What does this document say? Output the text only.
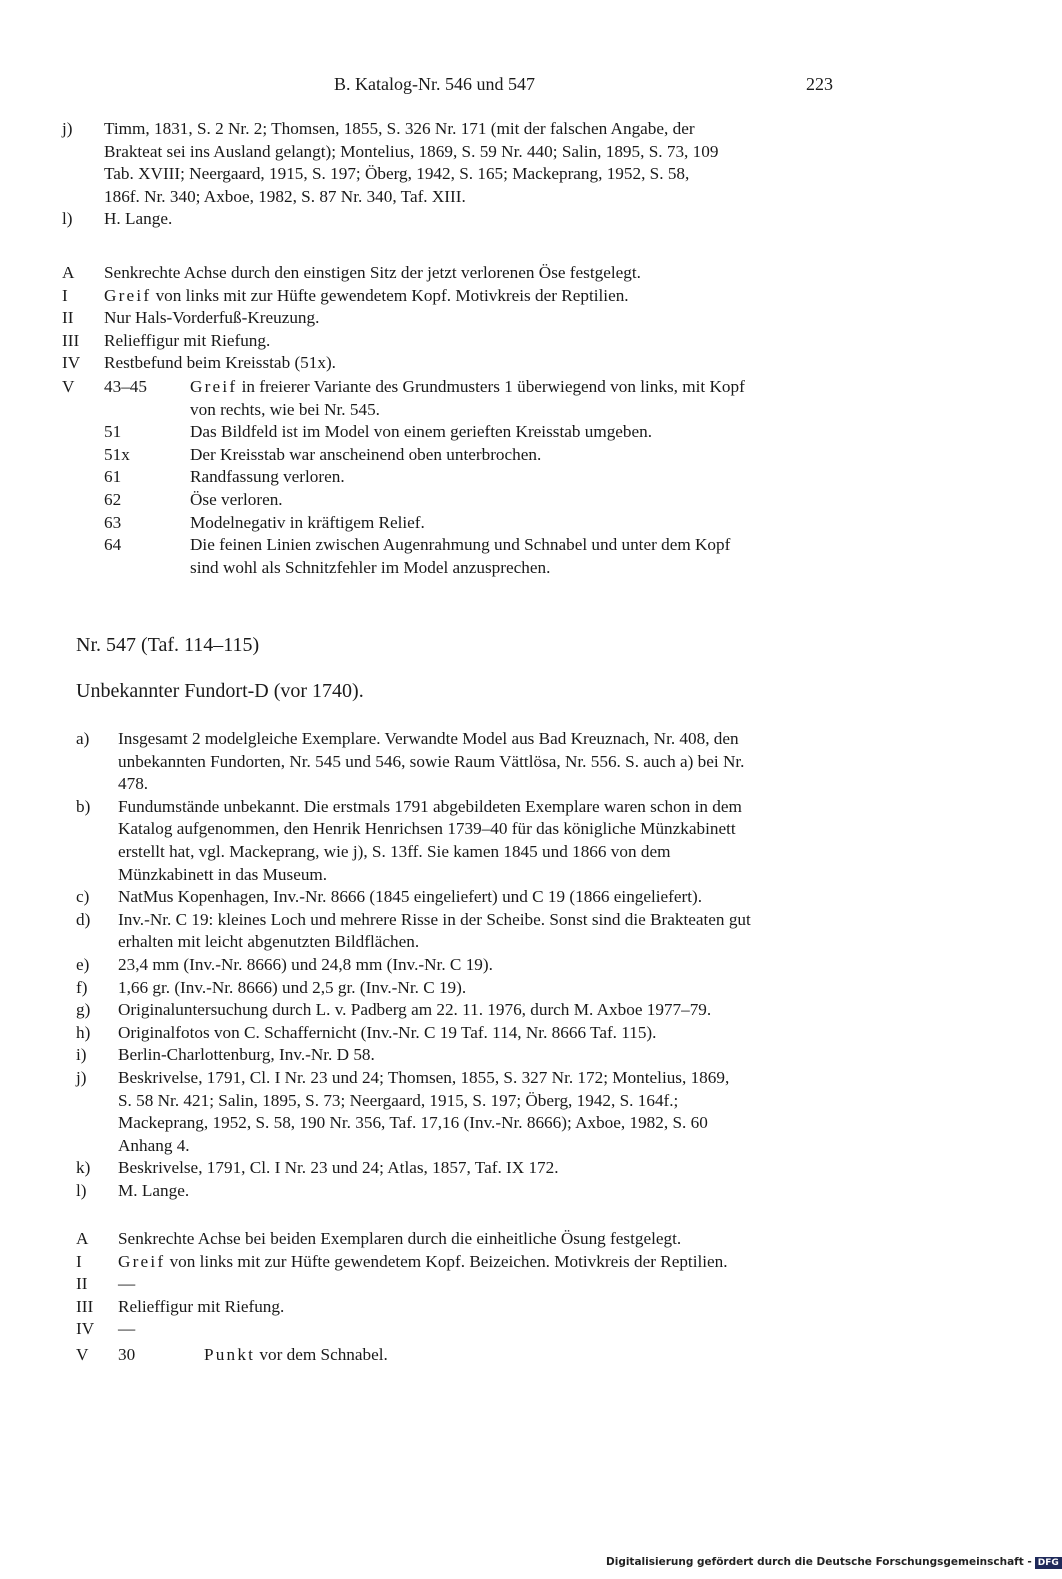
B. Katalog-Nr. 546 und 547	223
j)	Timm, 1831, S. 2 Nr. 2; Thomsen, 1855, S. 326 Nr. 171 (mit der falschen Angabe, der
Brakteat sei ins Ausland gelangt); Montelius, 1869, S. 59 Nr. 440; Salin, 1895, S. 73, 109
Tab. XVIII; Neergaard, 1915, S. 197; Öberg, 1942, S. 165; Mackeprang, 1952, S. 58,
186f. Nr. 340; Axboe, 1982, S. 87 Nr. 340, Taf. XIII.
l)	H. Lange.
A	Senkrechte Achse durch den einstigen Sitz der jetzt verlorenen Öse festgelegt.
I	Greif von links mit zur Hüfte gewendetem Kopf. Motivkreis der Reptilien.
II	Nur Hals-Vorderfuß-Kreuzung.
III	Relieffigur mit Riefung.
IV	Restbefund beim Kreisstab (51x).
V	43–45	Greif in freierer Variante des Grundmusters 1 überwiegend von links, mit Kopf
von rechts, wie bei Nr. 545.
51	Das Bildfeld ist im Model von einem gerieften Kreisstab umgeben.
51x	Der Kreisstab war anscheinend oben unterbrochen.
61	Randfassung verloren.
62	Öse verloren.
63	Modelnegativ in kräftigem Relief.
64	Die feinen Linien zwischen Augenrahmung und Schnabel und unter dem Kopf
sind wohl als Schnitzfehler im Model anzusprechen.
Nr. 547 (Taf. 114–115)
Unbekannter Fundort-D (vor 1740).
a)	Insgesamt 2 modelgleiche Exemplare. Verwandte Model aus Bad Kreuznach, Nr. 408, den
unbekannten Fundorten, Nr. 545 und 546, sowie Raum Vättlösa, Nr. 556. S. auch a) bei Nr.
478.
b)	Fundumstände unbekannt. Die erstmals 1791 abgebildeten Exemplare waren schon in dem
Katalog aufgenommen, den Henrik Henrichsen 1739–40 für das königliche Münzkabinett
erstellt hat, vgl. Mackeprang, wie j), S. 13ff. Sie kamen 1845 und 1866 von dem
Münzkabinett in das Museum.
c)	NatMus Kopenhagen, Inv.-Nr. 8666 (1845 eingeliefert) und C 19 (1866 eingeliefert).
d)	Inv.-Nr. C 19: kleines Loch und mehrere Risse in der Scheibe. Sonst sind die Brakteaten gut
erhalten mit leicht abgenutzten Bildflächen.
e)	23,4 mm (Inv.-Nr. 8666) und 24,8 mm (Inv.-Nr. C 19).
f)	1,66 gr. (Inv.-Nr. 8666) und 2,5 gr. (Inv.-Nr. C 19).
g)	Originaluntersuchung durch L. v. Padberg am 22. 11. 1976, durch M. Axboe 1977–79.
h)	Originalfotos von C. Schaffernicht (Inv.-Nr. C 19 Taf. 114, Nr. 8666 Taf. 115).
i)	Berlin-Charlottenburg, Inv.-Nr. D 58.
j)	Beskrivelse, 1791, Cl. I Nr. 23 und 24; Thomsen, 1855, S. 327 Nr. 172; Montelius, 1869,
S. 58 Nr. 421; Salin, 1895, S. 73; Neergaard, 1915, S. 197; Öberg, 1942, S. 164f.;
Mackeprang, 1952, S. 58, 190 Nr. 356, Taf. 17,16 (Inv.-Nr. 8666); Axboe, 1982, S. 60
Anhang 4.
k)	Beskrivelse, 1791, Cl. I Nr. 23 und 24; Atlas, 1857, Taf. IX 172.
l)	M. Lange.
A	Senkrechte Achse bei beiden Exemplaren durch die einheitliche Ösung festgelegt.
I	Greif von links mit zur Hüfte gewendetem Kopf. Beizeichen. Motivkreis der Reptilien.
II	—
III	Relieffigur mit Riefung.
IV	—
V	30	Punkt vor dem Schnabel.
Digitalisierung gefördert durch die Deutsche Forschungsgemeinschaft - DFG
